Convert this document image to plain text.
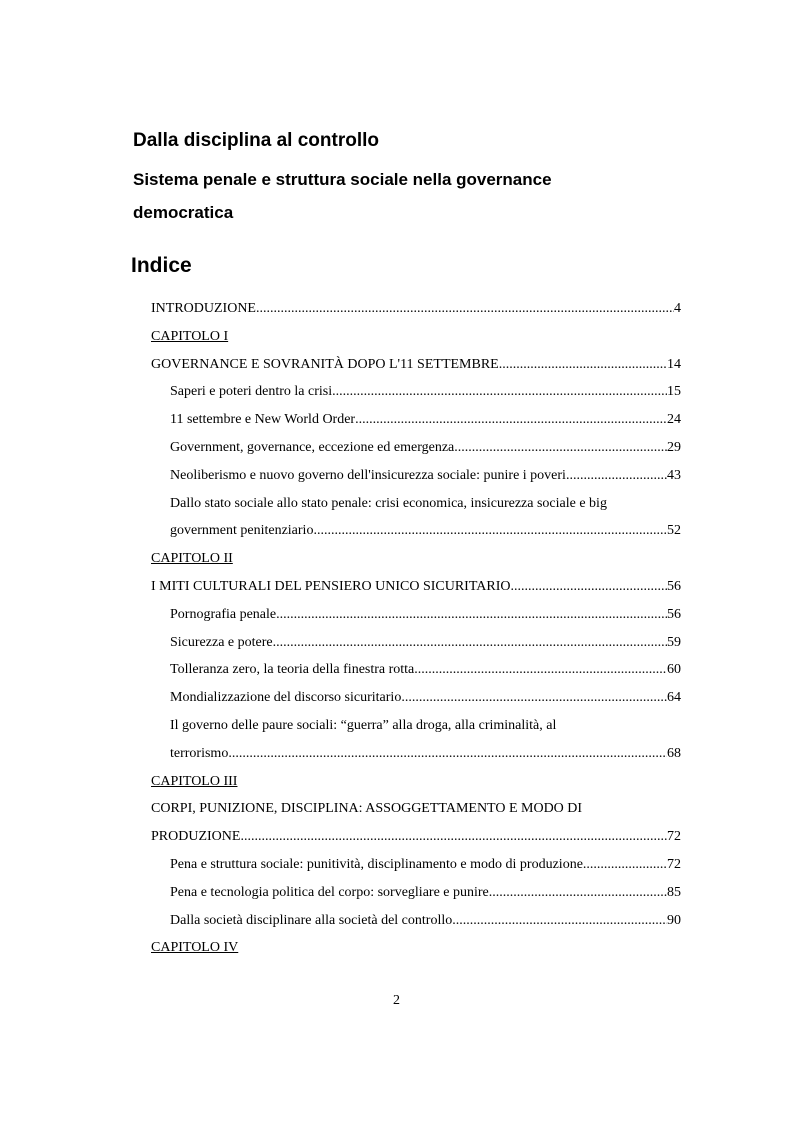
Dalla disciplina al controllo
Sistema penale e struttura sociale nella governance democratica
Indice
INTRODUZIONE .....	4
CAPITOLO I
GOVERNANCE E SOVRANITÀ DOPO L'11 SETTEMBRE .....	14
Saperi e poteri dentro la crisi .....	15
11 settembre e New World Order .....	24
Government, governance, eccezione ed emergenza .....	29
Neoliberismo e nuovo governo dell'insicurezza sociale: punire i poveri .....	43
Dallo stato sociale allo stato penale: crisi economica, insicurezza sociale e big
government penitenziario .....	52
CAPITOLO II
I MITI CULTURALI DEL PENSIERO UNICO SICURITARIO .....	56
Pornografia penale .....	56
Sicurezza e potere .....	59
Tolleranza zero, la teoria della finestra rotta .....	60
Mondializzazione del discorso sicuritario .....	64
Il governo delle paure sociali: “guerra” alla droga, alla criminalità, al
terrorismo .....	68
CAPITOLO III
CORPI, PUNIZIONE, DISCIPLINA: ASSOGGETTAMENTO E MODO DI
PRODUZIONE .....	72
Pena e struttura sociale: punitività, disciplinamento e modo di produzione .....	72
Pena e tecnologia politica del corpo: sorvegliare e punire .....	85
Dalla società disciplinare alla società del controllo .....	90
CAPITOLO IV
2
